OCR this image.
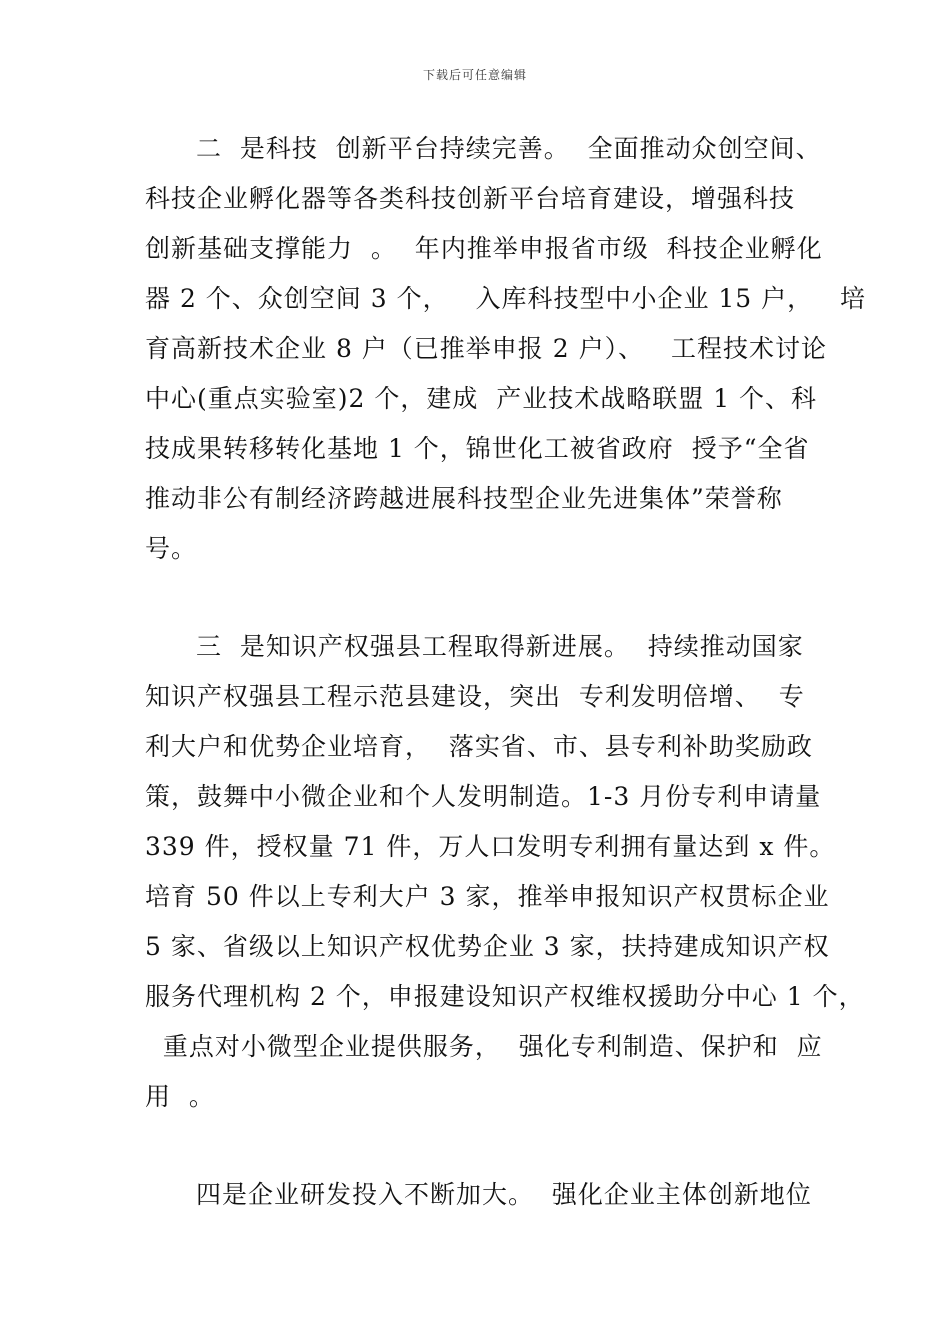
下载后可任意编辑
二  是科技  创新平台持续完善。  全面推动众创空间、
科技企业孵化器等各类科技创新平台培育建设，增强科技
创新基础支撑能力  。  年内推举申报省市级  科技企业孵化
器 2 个、众创空间 3 个，   入库科技型中小企业 15 户，   培
育高新技术企业 8 户（已推举申报 2 户）、   工程技术讨论
中心(重点实验室)2 个，建成  产业技术战略联盟 1 个、科
技成果转移转化基地 1 个，锦世化工被省政府  授予“全省
推动非公有制经济跨越进展科技型企业先进集体”荣誉称
号。
三  是知识产权强县工程取得新进展。  持续推动国家
知识产权强县工程示范县建设，突出  专利发明倍增、  专
利大户和优势企业培育，  落实省、市、县专利补助奖励政
策，鼓舞中小微企业和个人发明制造。1-3 月份专利申请量
339 件，授权量 71 件，万人口发明专利拥有量达到 x 件。
培育 50 件以上专利大户 3 家，推举申报知识产权贯标企业
5 家、省级以上知识产权优势企业 3 家，扶持建成知识产权
服务代理机构 2 个，申报建设知识产权维权援助分中心 1 个，
重点对小微型企业提供服务，  强化专利制造、保护和  应
用  。
四是企业研发投入不断加大。  强化企业主体创新地位
